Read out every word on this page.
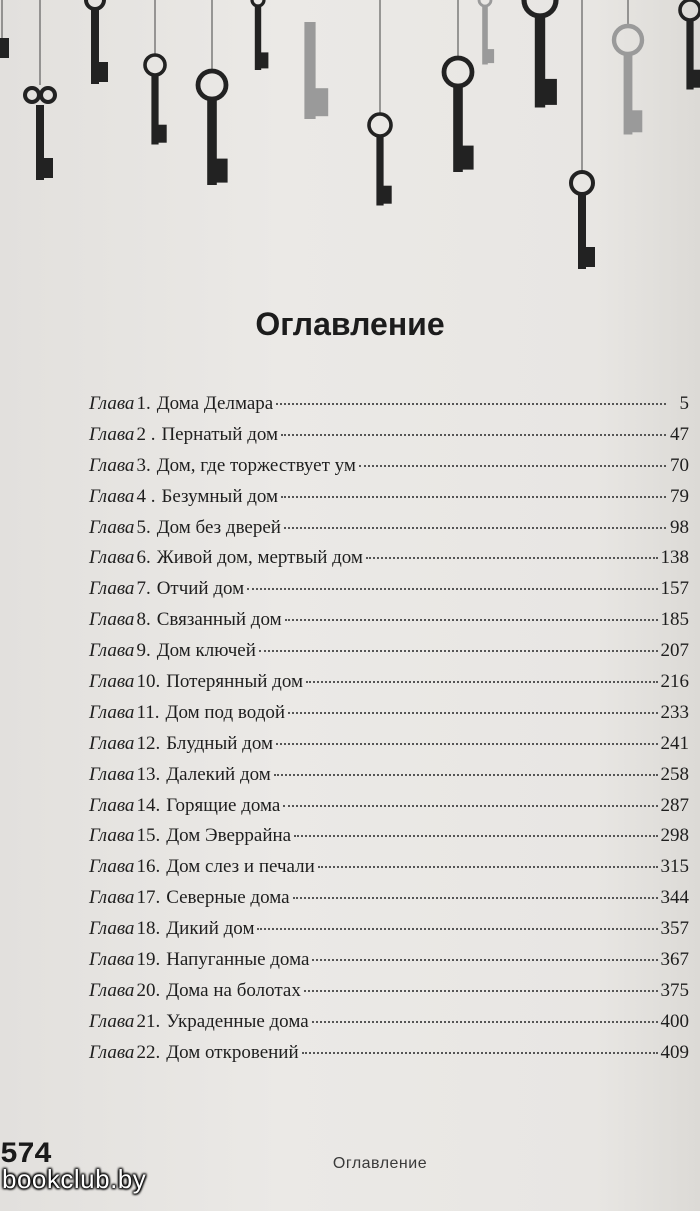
Оглавление
Глава 1. Дома Делмара	5
Глава 2 . Пернатый дом	47
Глава 3. Дом, где торжествует ум	70
Глава 4 . Безумный дом	79
Глава 5. Дом без дверей	98
Глава 6. Живой дом, мертвый дом	138
Глава 7. Отчий дом	157
Глава 8. Связанный дом	185
Глава 9. Дом ключей	207
Глава 10. Потерянный дом	216
Глава 11. Дом под водой	233
Глава 12. Блудный дом	241
Глава 13. Далекий дом	258
Глава 14. Горящие дома	287
Глава 15. Дом Эверрайна	298
Глава 16. Дом слез и печали	315
Глава 17. Северные дома	344
Глава 18. Дикий дом	357
Глава 19. Напуганные дома	367
Глава 20. Дома на болотах	375
Глава 21. Украденные дома	400
Глава 22. Дом откровений	409
574	Оглавление
bookclub.by
